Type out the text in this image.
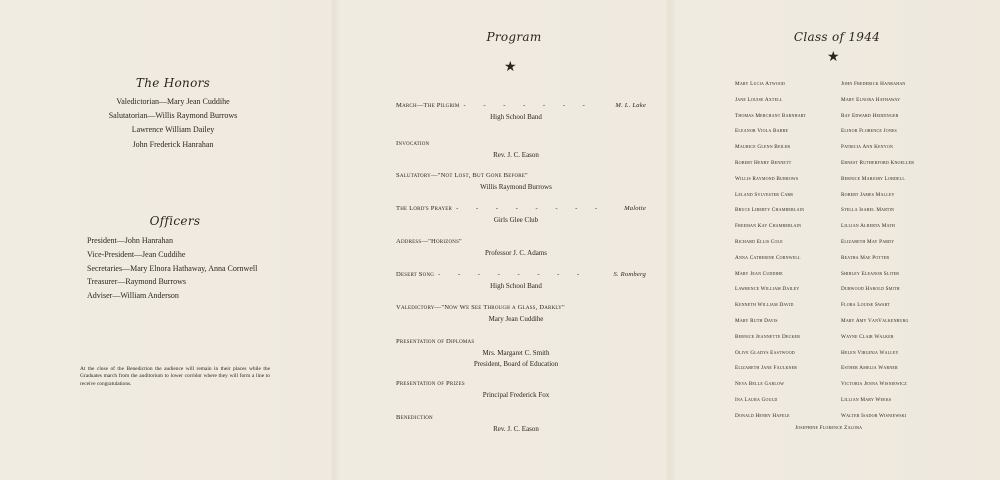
The Honors
Valedictorian—Mary Jean Cuddihe
Salutatorian—Willis Raymond Burrows
Lawrence William Dailey
John Frederick Hanrahan
Officers
President—John Hanrahan
Vice-President—Jean Cuddihe
Secretaries—Mary Elnora Hathaway, Anna Cornwell
Treasurer—Raymond Burrows
Adviser—William Anderson
At the close of the Benediction the audience will remain in their places while the Graduates march from the auditorium to lower corridor where they will form a line to receive congratulations.
Program
★
March—The Pilgrim - - - - - - -	M. L. Lake
High School Band
Invocation
Rev. J. C. Eason
Salutatory—"Not Lost, But Gone Before"
Willis Raymond Burrows
The Lord's Prayer - - - - - - - -	Malotte
Girls Glee Club
Address—"Horizons"
Professor J. C. Adams
Desert Song - - - - - - - -	S. Romberg
High School Band
Valedictory—"Now We See Through a Glass, Darkly"
Mary Jean Cuddihe
Presentation of Diplomas
Mrs. Margaret C. Smith
President, Board of Education
Presentation of Prizes
Principal Frederick Fox
Benediction
Rev. J. C. Eason
Class of 1944
★
Mary Lucia Atwood
Jane Louise Axtell
Thomas Merchant Barnhart
Eleanor Viola Barre
Maurice Glenn Beiler
Robert Henry Bennett
Willis Raymond Burrows
Leland Sylvester Carr
Bruce Liberty Chamberlain
Freeman Kay Chamberlain
Richard Ellis Cole
Anna Catherine Cornwell
Mary Jean Cuddihe
Lawrence William Dailey
Kenneth William David
Mary Ruth Davis
Bernice Jeannette Decker
Olive Gladys Eastwood
Elizabeth Jane Faulkner
Neva Belle Garlow
Ina Laura Gould
Donald Henry Hafele
John Frederick Hanrahan
Mary Elnora Hathaway
Ray Edward Heddinger
Elinor Florence Jones
Patricia Ann Kenyon
Ernest Rutherford Knoeller
Bernice Marjory Lobdell
Robert James Malley
Stella Isabel Martin
Lillian Alberta Math
Elizabeth May Pardy
Reatha Mae Potter
Shirley Eleanor Sliter
Durwood Harold Smith
Flora Louise Swart
Mary Amy VanValkenburg
Wayne Clair Walker
Helen Virginia Walley
Esther Amelia Warner
Victoria Jenna Wisniewicz
Lillian Mary Weeks
Walter Isador Wisniewski
Josephine Florence Zaloba
